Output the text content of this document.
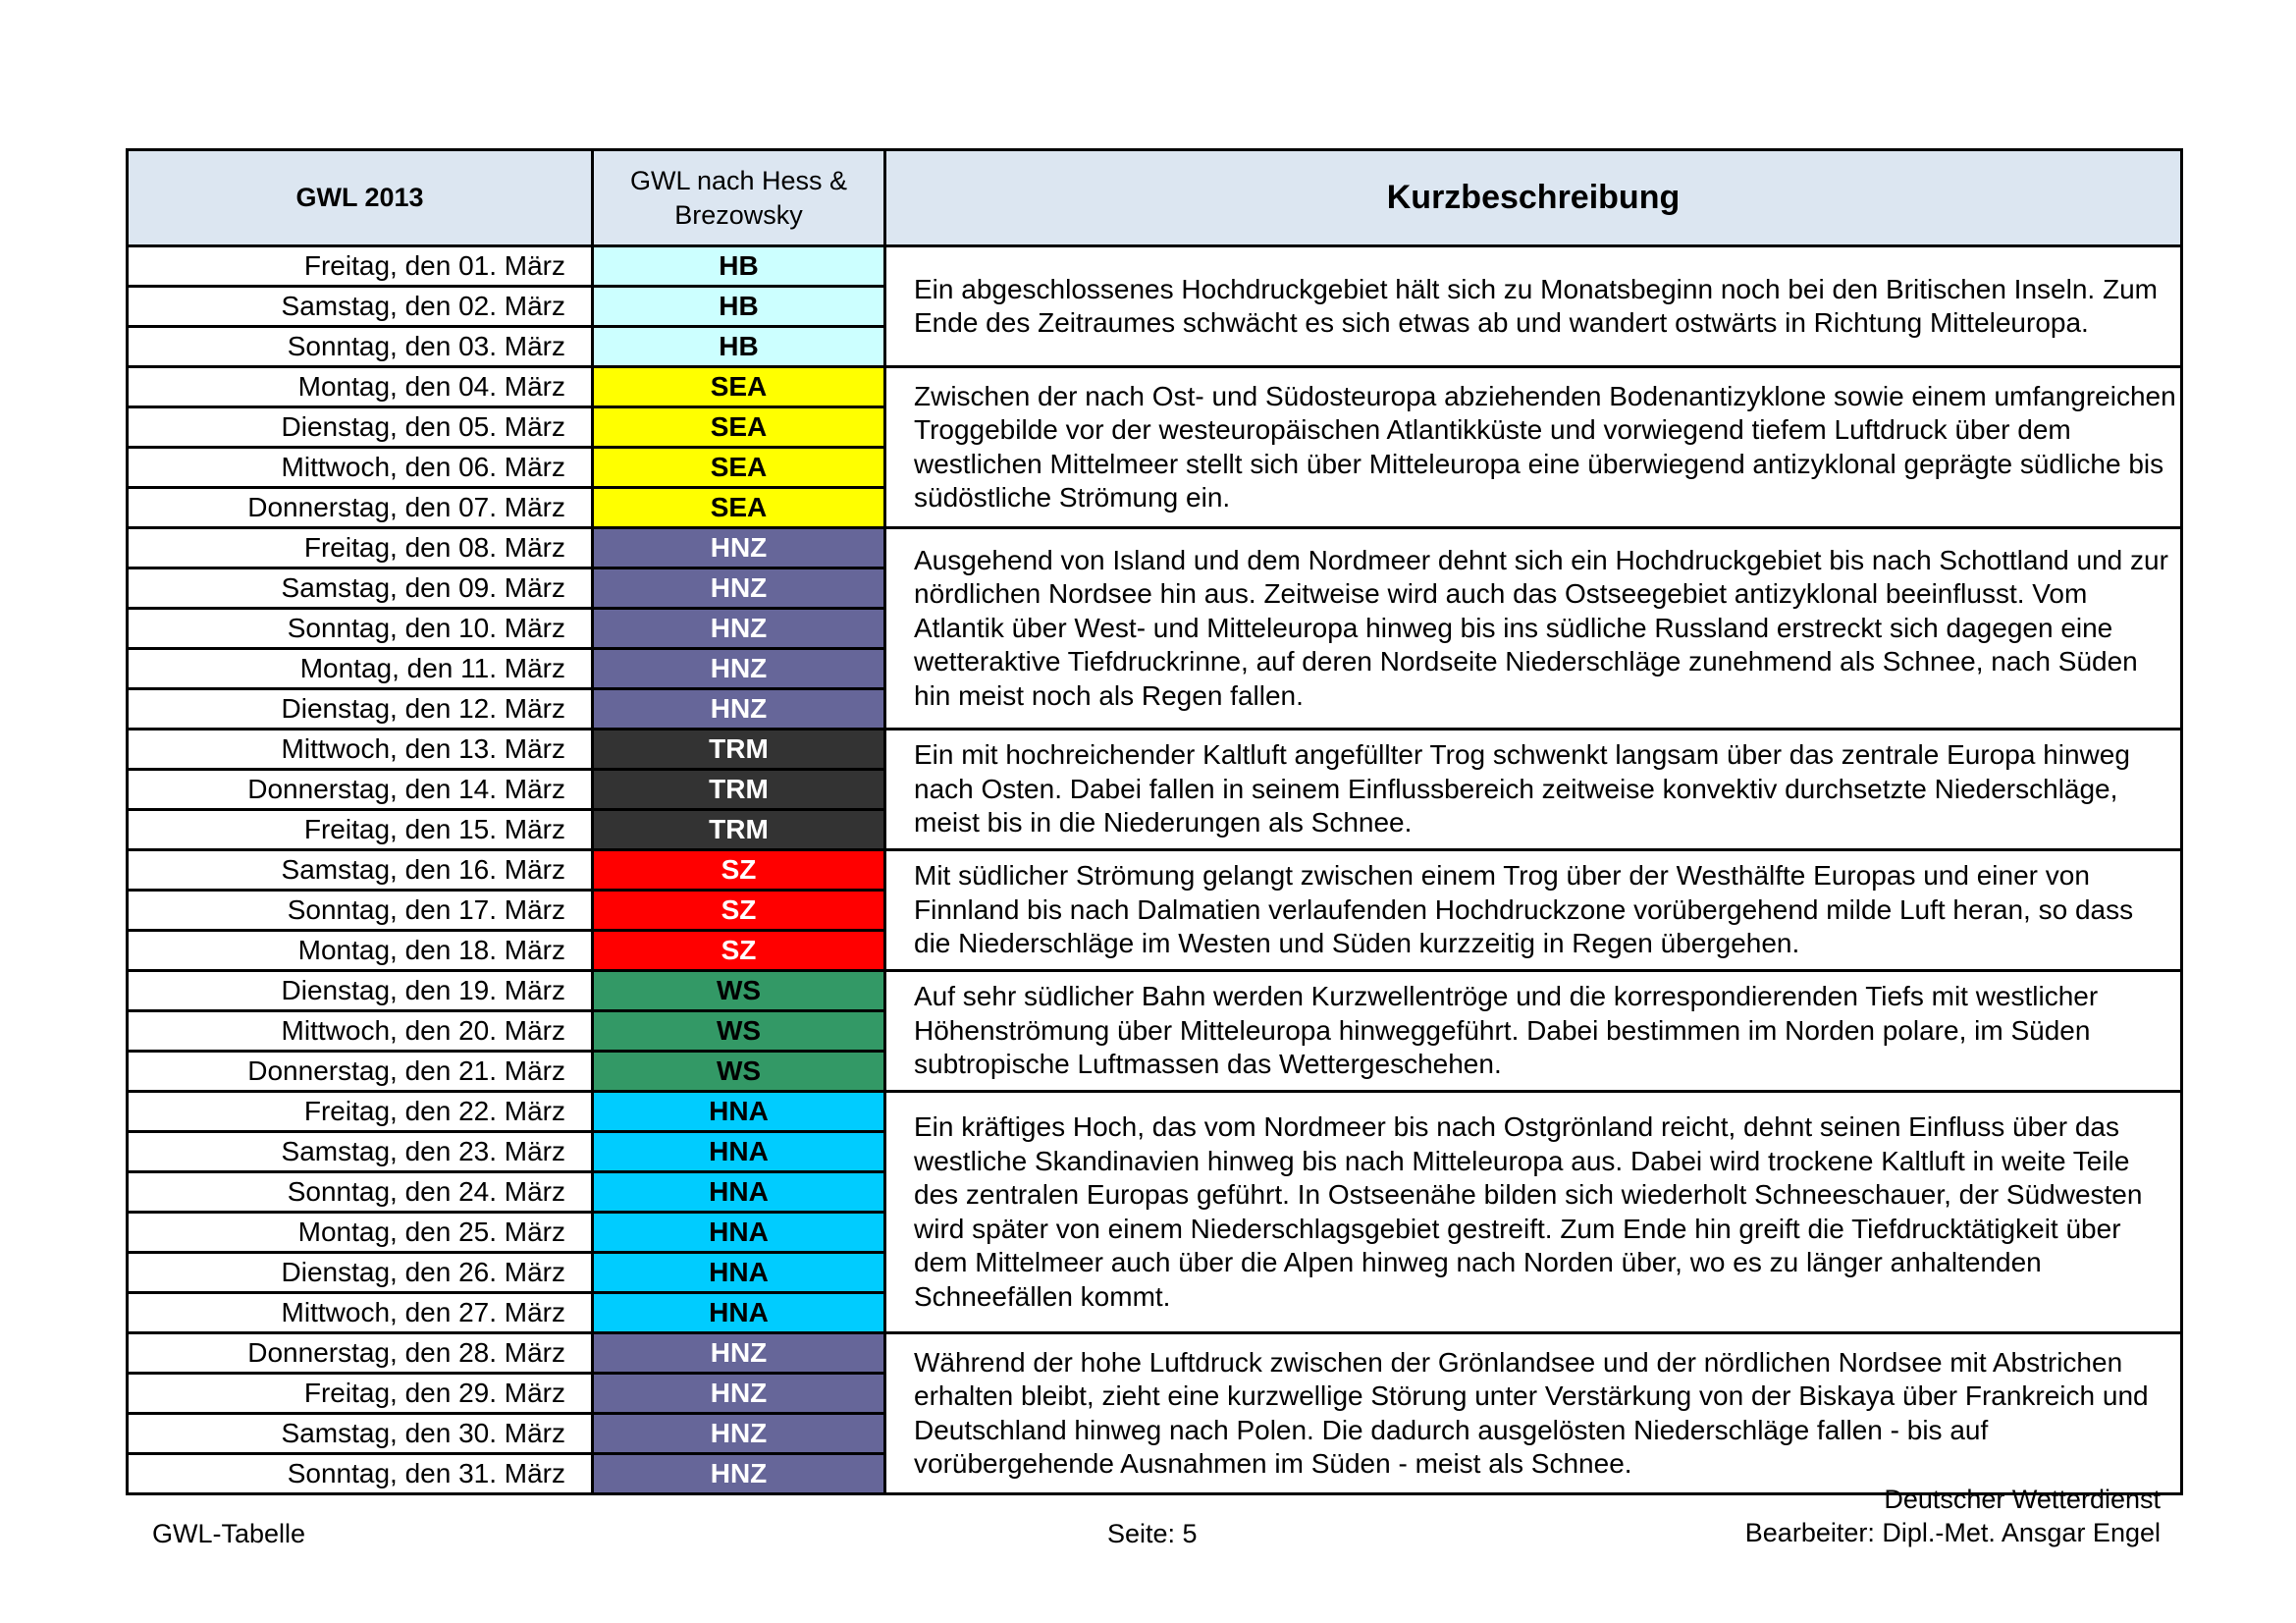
GWL 2013	GWL nach Hess & Brezowsky	Kurzbeschreibung
Freitag, den 01. März	HB	Ein abgeschlossenes Hochdruckgebiet hält sich zu Monatsbeginn noch bei den Britischen Inseln. Zum Ende des Zeitraumes schwächt es sich etwas ab und wandert ostwärts in Richtung Mitteleuropa.
Samstag, den 02. März	HB	
Sonntag, den 03. März	HB	
Montag, den 04. März	SEA	Zwischen der nach Ost- und Südosteuropa abziehenden Bodenantizyklone sowie einem umfangreichen Troggebilde vor der westeuropäischen Atlantikküste und vorwiegend tiefem Luftdruck über dem westlichen Mittelmeer stellt sich über Mitteleuropa eine überwiegend antizyklonal geprägte südliche bis südöstliche Strömung ein.
Dienstag, den 05. März	SEA	
Mittwoch, den 06. März	SEA	
Donnerstag, den 07. März	SEA	
Freitag, den 08. März	HNZ	Ausgehend von Island und dem Nordmeer dehnt sich ein Hochdruckgebiet bis nach Schottland und zur nördlichen Nordsee hin aus. Zeitweise wird auch das Ostseegebiet antizyklonal beeinflusst. Vom Atlantik über West- und Mitteleuropa hinweg bis ins südliche Russland erstreckt sich dagegen eine wetteraktive Tiefdruckrinne, auf deren Nordseite Niederschläge zunehmend als Schnee, nach Süden hin meist noch als Regen fallen.
Samstag, den 09. März	HNZ	
Sonntag, den 10. März	HNZ	
Montag, den 11. März	HNZ	
Dienstag, den 12. März	HNZ	
Mittwoch, den 13. März	TRM	Ein mit hochreichender Kaltluft angefüllter Trog schwenkt langsam über das zentrale Europa hinweg nach Osten. Dabei fallen in seinem Einflussbereich zeitweise konvektiv durchsetzte Niederschläge, meist bis in die Niederungen als Schnee.
Donnerstag, den 14. März	TRM	
Freitag, den 15. März	TRM	
Samstag, den 16. März	SZ	Mit südlicher Strömung gelangt zwischen einem Trog über der Westhälfte Europas und einer von Finnland bis nach Dalmatien verlaufenden Hochdruckzone vorübergehend milde Luft heran, so dass die Niederschläge im Westen und Süden kurzzeitig in Regen übergehen.
Sonntag, den 17. März	SZ	
Montag, den 18. März	SZ	
Dienstag, den 19. März	WS	Auf sehr südlicher Bahn werden Kurzwellentröge und die korrespondierenden Tiefs mit westlicher Höhenströmung über Mitteleuropa hinweggeführt. Dabei bestimmen im Norden polare, im Süden subtropische Luftmassen das Wettergeschehen.
Mittwoch, den 20. März	WS	
Donnerstag, den 21. März	WS	
Freitag, den 22. März	HNA	Ein kräftiges Hoch, das vom Nordmeer bis nach Ostgrönland reicht, dehnt seinen Einfluss über das westliche Skandinavien hinweg bis nach Mitteleuropa aus. Dabei wird trockene Kaltluft in weite Teile des zentralen Europas geführt. In Ostseenähe bilden sich wiederholt Schneeschauer, der Südwesten wird später von einem Niederschlagsgebiet gestreift. Zum Ende hin greift die Tiefdrucktätigkeit über dem Mittelmeer auch über die Alpen hinweg nach Norden über, wo es zu länger anhaltenden Schneefällen kommt.
Samstag, den 23. März	HNA	
Sonntag, den 24. März	HNA	
Montag, den 25. März	HNA	
Dienstag, den 26. März	HNA	
Mittwoch, den 27. März	HNA	
Donnerstag, den 28. März	HNZ	Während der hohe Luftdruck zwischen der Grönlandsee und der nördlichen Nordsee mit Abstrichen erhalten bleibt, zieht eine kurzwellige Störung unter Verstärkung von der Biskaya über Frankreich und Deutschland hinweg nach Polen. Die dadurch ausgelösten Niederschläge fallen - bis auf vorübergehende Ausnahmen im Süden - meist als Schnee.
Freitag, den 29. März	HNZ	
Samstag, den 30. März	HNZ	
Sonntag, den 31. März	HNZ	
GWL-Tabelle	Seite: 5
Deutscher Wetterdienst
Bearbeiter: Dipl.-Met. Ansgar Engel
